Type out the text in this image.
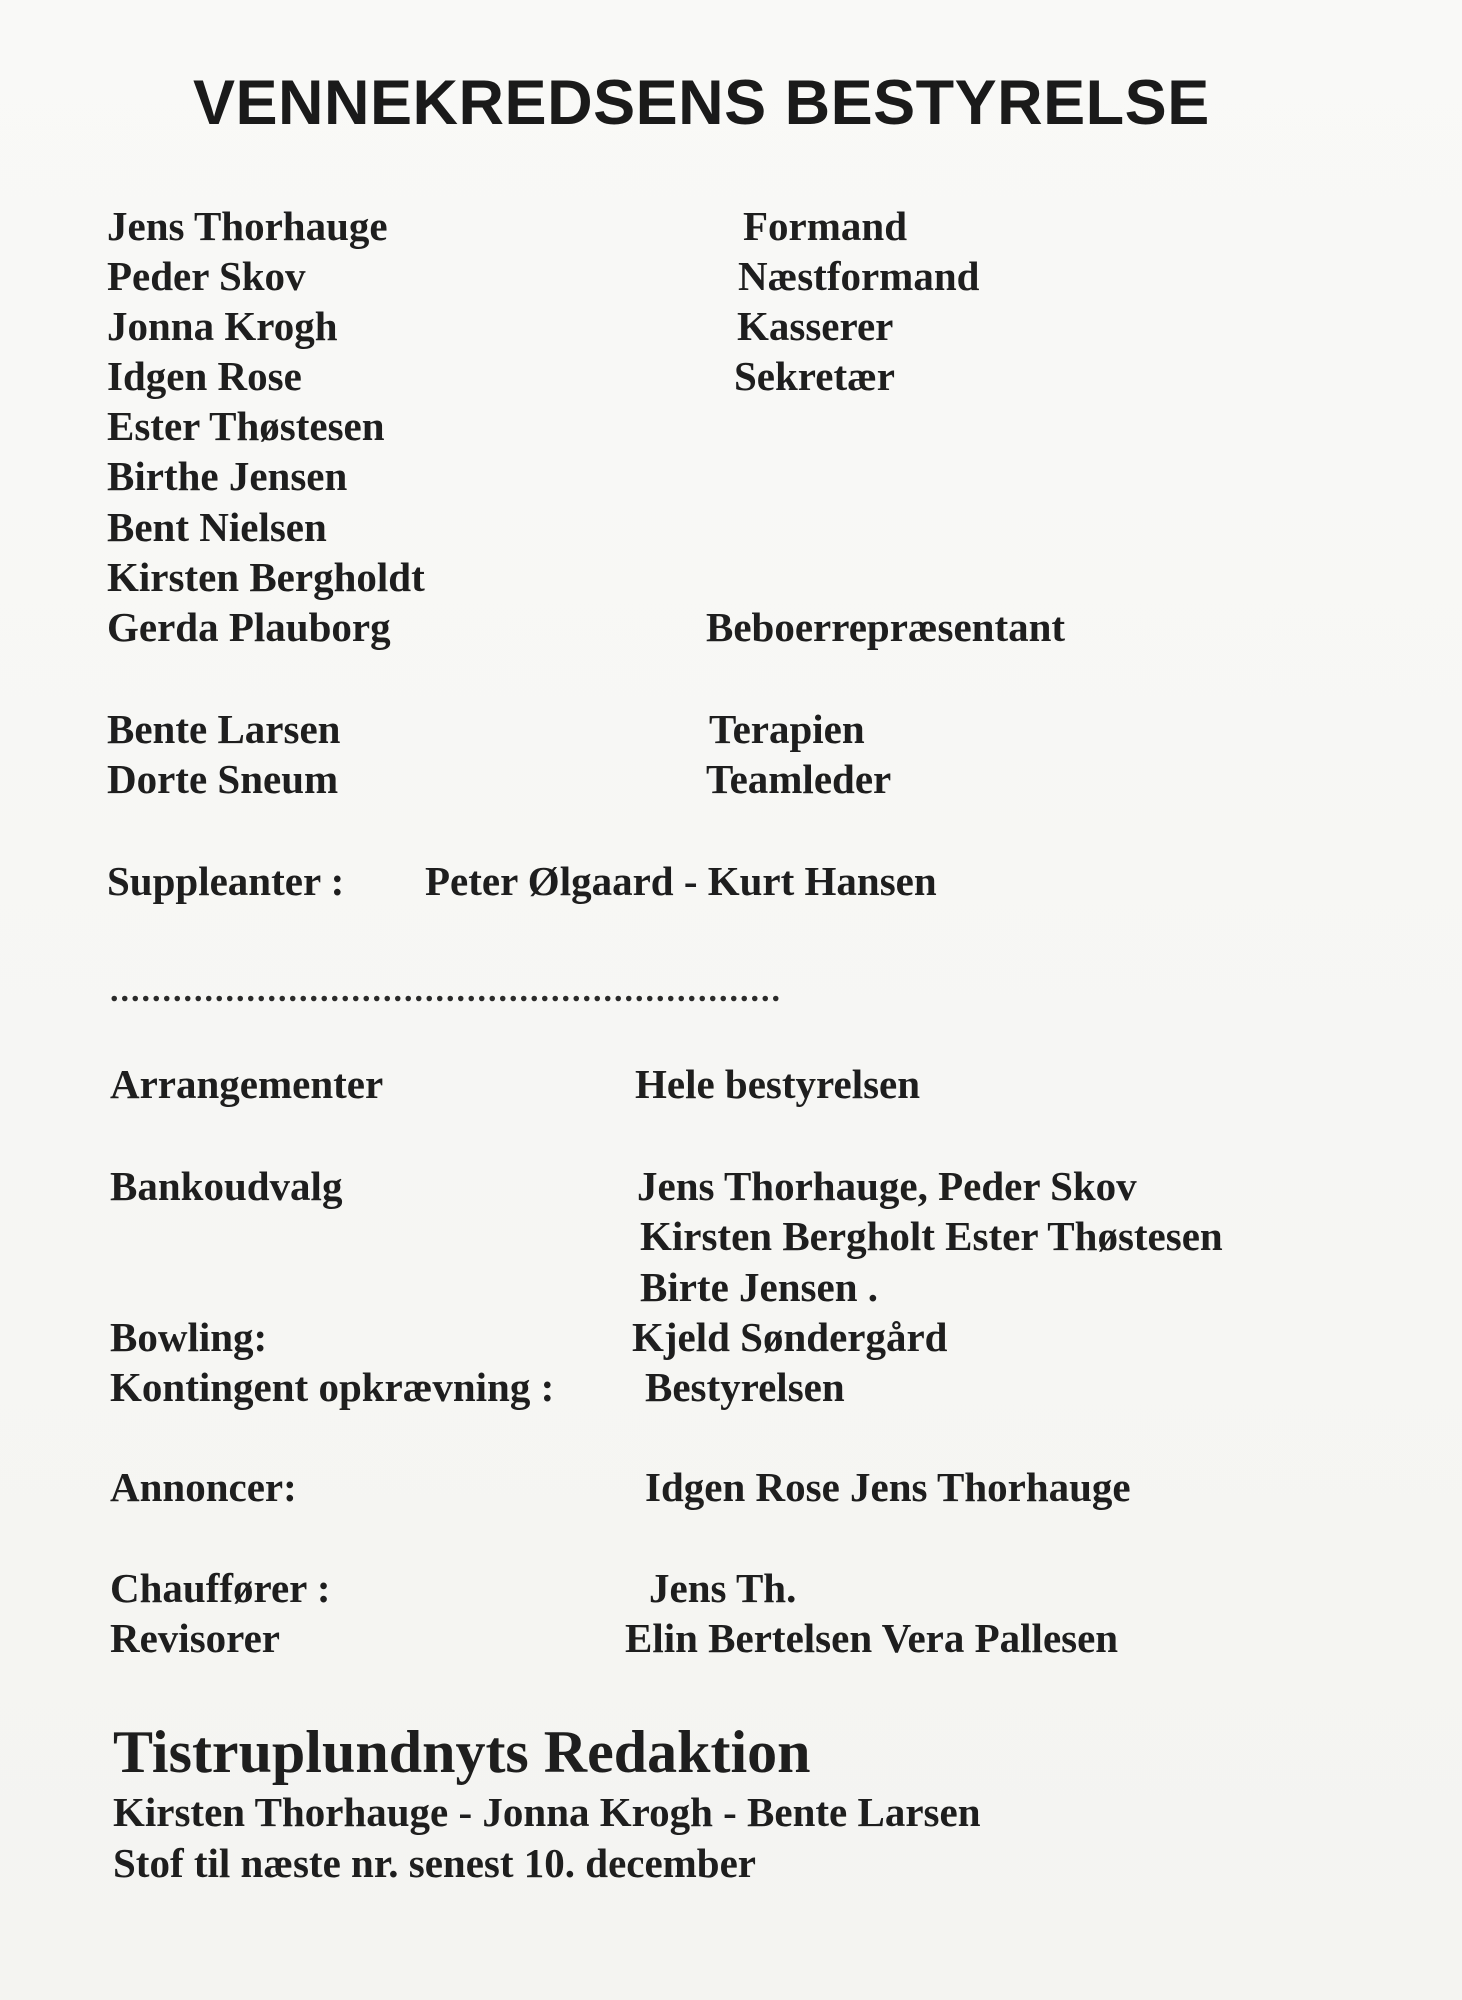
VENNEKREDSENS BESTYRELSE
Jens Thorhauge	Formand
Peder Skov	Næstformand
Jonna Krogh	Kasserer
Idgen Rose	Sekretær
Ester Thøstesen
Birthe Jensen
Bent Nielsen
Kirsten Bergholdt
Gerda Plauborg	Beboerrepræsentant
Bente Larsen	Terapien
Dorte Sneum	Teamleder
Suppleanter : Peter Ølgaard - Kurt Hansen
................................................................
Arrangementer	Hele bestyrelsen
Bankoudvalg	Jens Thorhauge, Peder Skov
Kirsten Bergholt Ester Thøstesen
Birte Jensen .
Bowling:	Kjeld Søndergård
Kontingent opkrævning : Bestyrelsen
Annoncer:	Idgen Rose Jens Thorhauge
Chauffører :	Jens Th.
Revisorer	Elin Bertelsen Vera Pallesen
Tistruplundnyts Redaktion
Kirsten Thorhauge - Jonna Krogh - Bente Larsen
Stof til næste nr. senest 10. december
